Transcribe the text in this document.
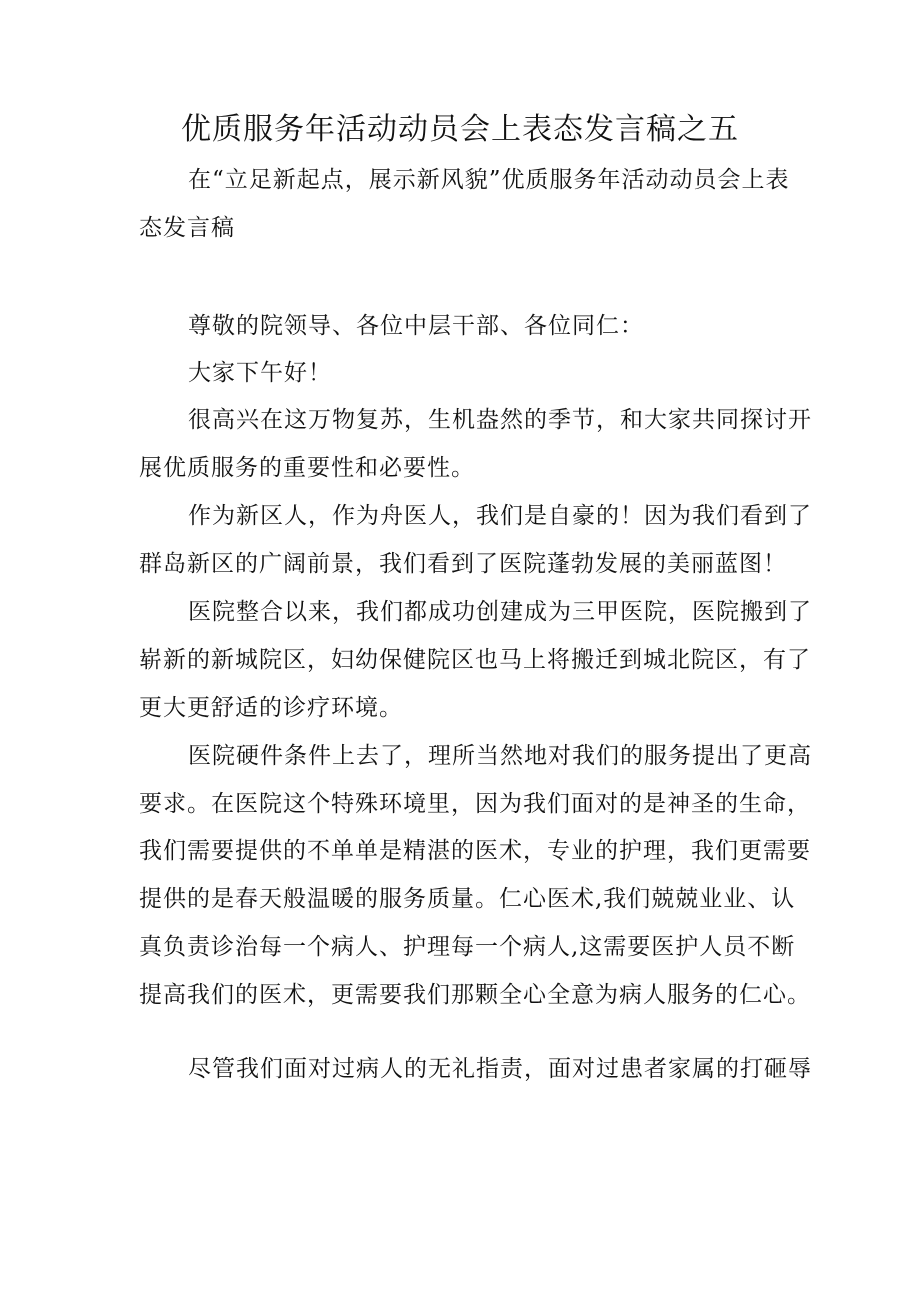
优质服务年活动动员会上表态发言稿之五
在“立足新起点，展示新风貌”优质服务年活动动员会上表
态发言稿
尊敬的院领导、各位中层干部、各位同仁：
大家下午好！
很高兴在这万物复苏，生机盎然的季节，和大家共同探讨开
展优质服务的重要性和必要性。
作为新区人，作为舟医人，我们是自豪的！因为我们看到了
群岛新区的广阔前景，我们看到了医院蓬勃发展的美丽蓝图！
医院整合以来，我们都成功创建成为三甲医院，医院搬到了
崭新的新城院区，妇幼保健院区也马上将搬迁到城北院区，有了
更大更舒适的诊疗环境。
医院硬件条件上去了，理所当然地对我们的服务提出了更高
要求。在医院这个特殊环境里，因为我们面对的是神圣的生命，
我们需要提供的不单单是精湛的医术，专业的护理，我们更需要
提供的是春天般温暖的服务质量。仁心医术,我们兢兢业业、认
真负责诊治每一个病人、护理每一个病人,这需要医护人员不断
提高我们的医术，更需要我们那颗全心全意为病人服务的仁心。
尽管我们面对过病人的无礼指责，面对过患者家属的打砸辱
